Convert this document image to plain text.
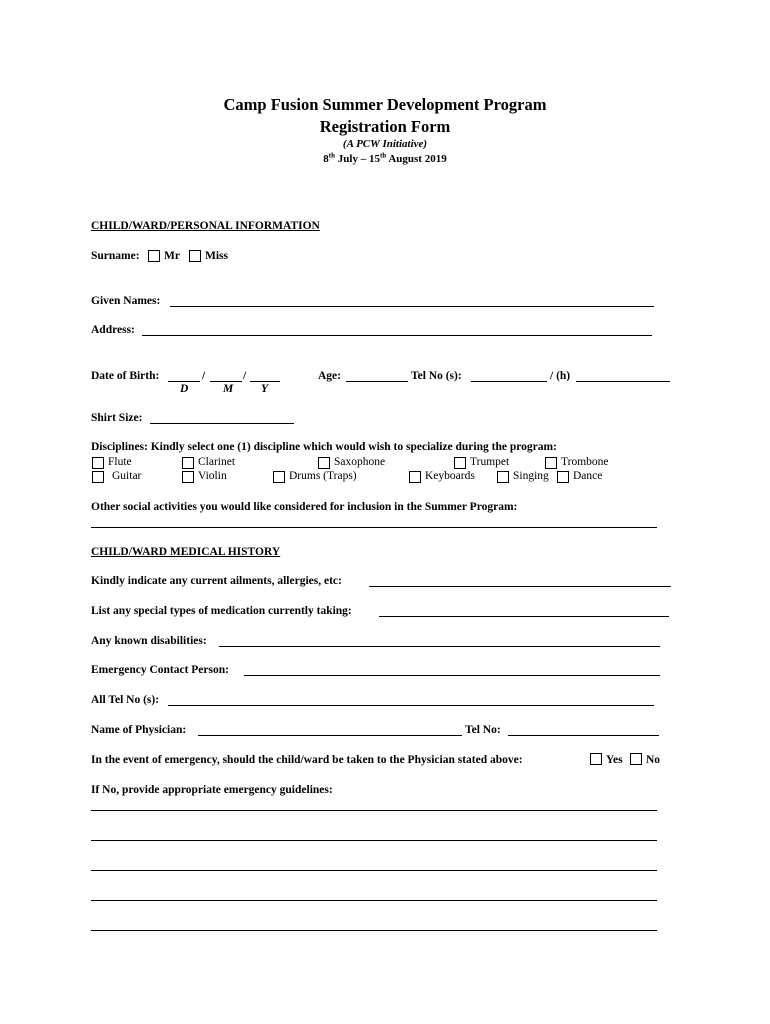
Camp Fusion Summer Development Program
Registration Form
(A PCW Initiative)
8th July – 15th August 2019
CHILD/WARD/PERSONAL INFORMATION
Surname: Mr Miss
Given Names:
Address:
Date of Birth:	/	/
D	M Y
Age:	Tel No (s):	/ (h)
Shirt Size:
Disciplines: Kindly select one (1) discipline which would wish to specialize during the program:
Flute	Clarinet	Saxophone	Trumpet	Trombone
Guitar	Violin	Drums (Traps)	Keyboards	Singing Dance
Other social activities you would like considered for inclusion in the Summer Program:
CHILD/WARD MEDICAL HISTORY
Kindly indicate any current ailments, allergies, etc:
List any special types of medication currently taking:
Any known disabilities:
Emergency Contact Person:
All Tel No (s):
Name of Physician:	Tel No:
In the event of emergency, should the child/ward be taken to the Physician stated above:	Yes No
If No, provide appropriate emergency guidelines:
